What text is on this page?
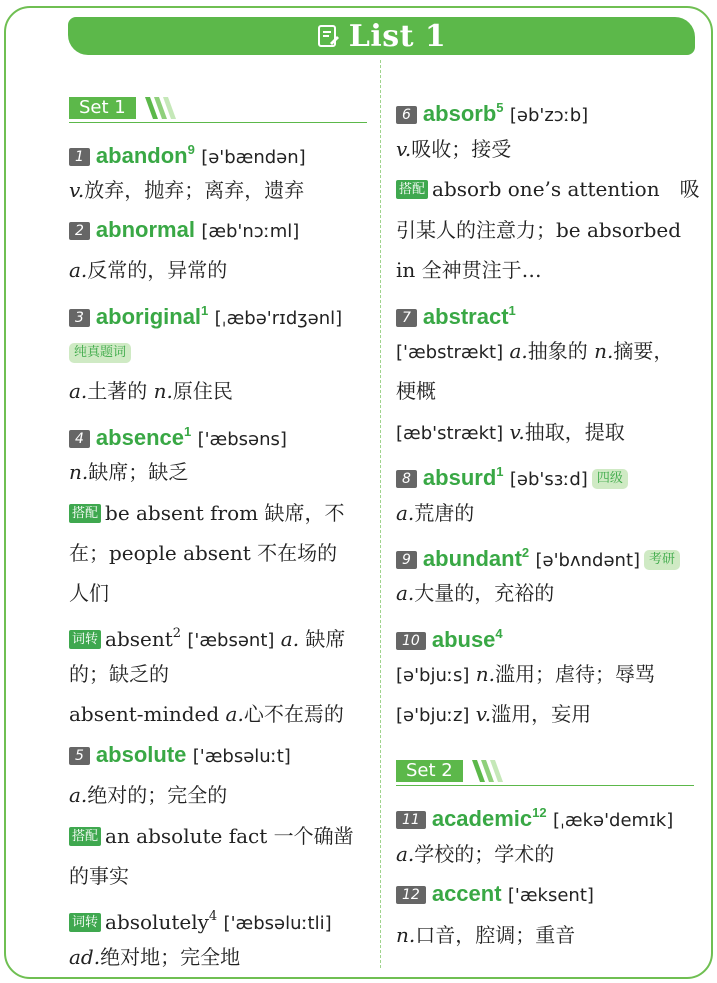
List 1
Set 1
1 abandon$^9$ [ə'bændən]
v.放弃，抛弃；离弃，遗弃
2 abnormal [æb'nɔːml]
a.反常的，异常的
3 aboriginal$^1$ [ˌæbə'rɪdʒənl]
纯真题词
a.土著的 n.原住民
4 absence$^1$ ['æbsəns]
n.缺席；缺乏
搭配 be absent from 缺席，不
在；people absent 不在场的
人们
词转 absent$^2$ ['æbsənt] a. 缺席
的；缺乏的
absent-minded a.心不在焉的
5 absolute ['æbsəluːt]
a.绝对的；完全的
搭配 an absolute fact 一个确凿
的事实
词转 absolutely$^4$ ['æbsəluːtli]
ad.绝对地；完全地
6 absorb$^5$ [əb'zɔːb]
v.吸收；接受
搭配 absorb one’s attention　吸
引某人的注意力；be absorbed
in 全神贯注于…
7 abstract$^1$
['æbstrækt] a.抽象的 n.摘要，
梗概
[æb'strækt] v.抽取，提取
8 absurd$^1$ [əb'sɜːd] 四级
a.荒唐的
9 abundant$^2$ [ə'bʌndənt] 考研
a.大量的，充裕的
10 abuse$^4$
[ə'bjuːs] n.滥用；虐待；辱骂
[ə'bjuːz] v.滥用，妄用
Set 2
11 academic$^{12}$ [ˌækə'demɪk]
a.学校的；学术的
12 accent ['æksent]
n.口音，腔调；重音
